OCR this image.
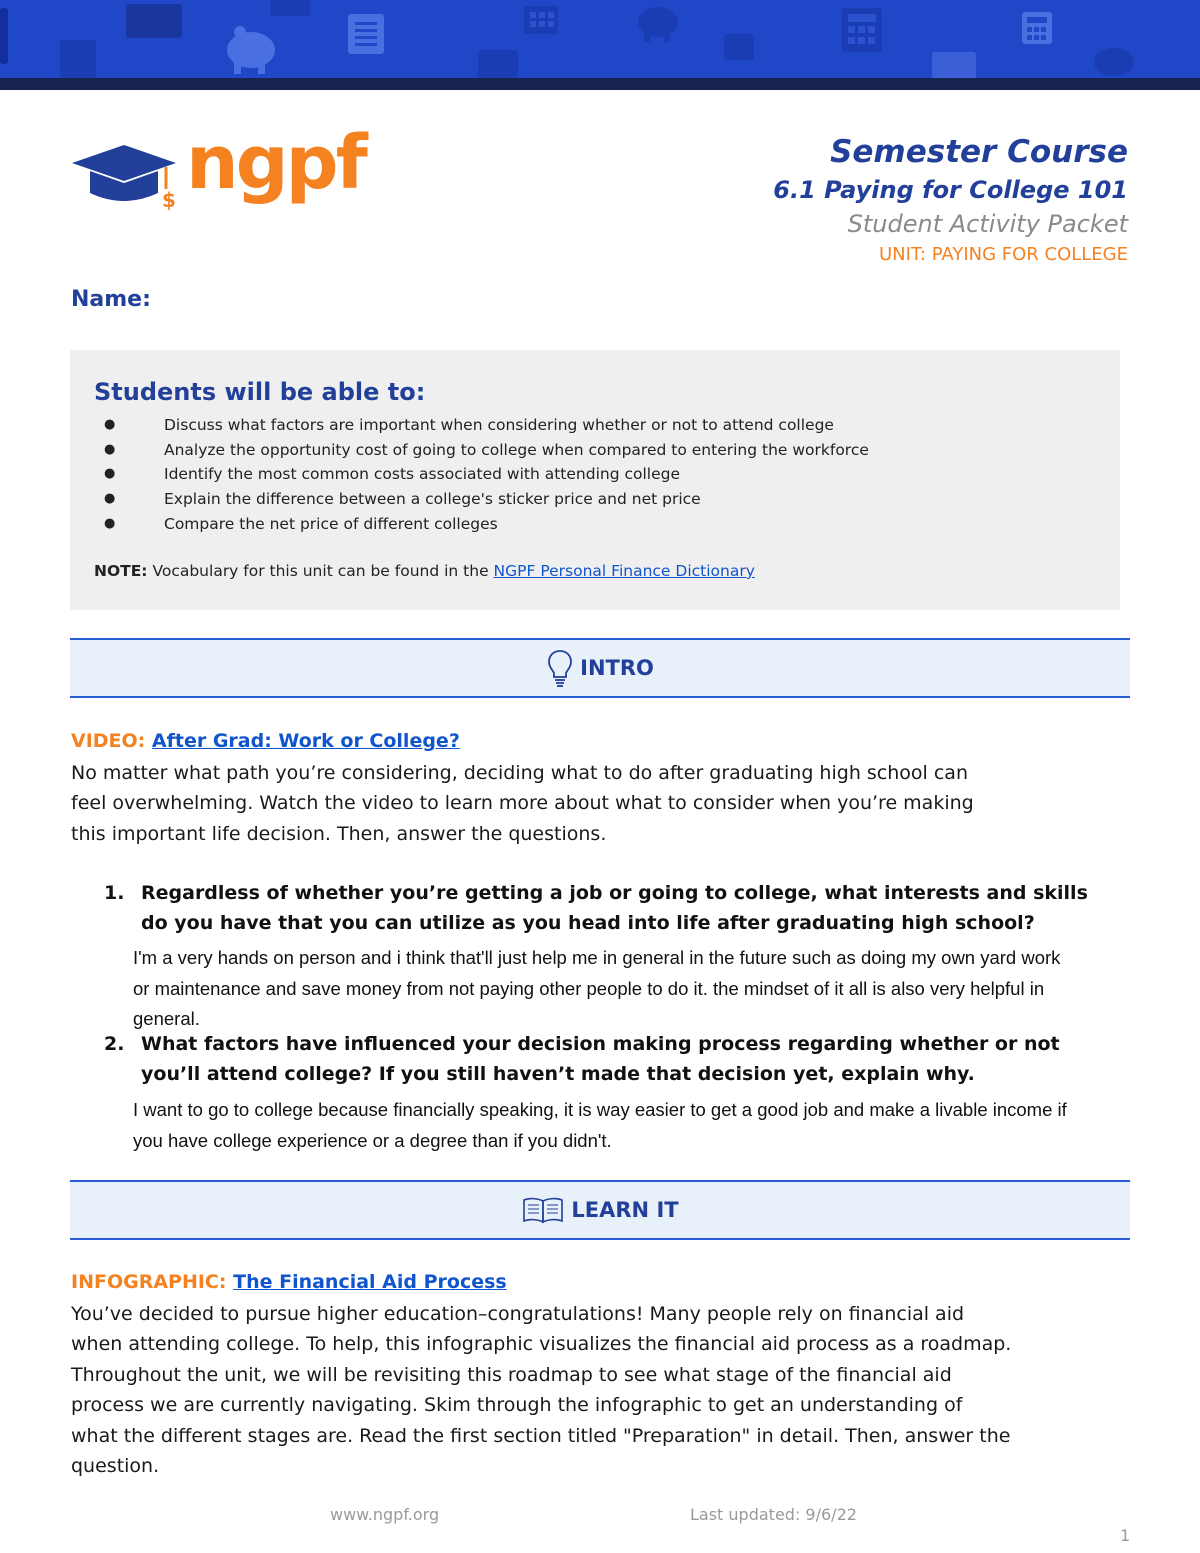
$ ngpf	Semester Course
6.1 Paying for College 101
Student Activity Packet
UNIT: PAYING FOR COLLEGE
Name:
Students will be able to:
●	Discuss what factors are important when considering whether or not to attend college
●	Analyze the opportunity cost of going to college when compared to entering the workforce
●	Identify the most common costs associated with attending college
●	Explain the difference between a college's sticker price and net price
●	Compare the net price of different colleges
NOTE: Vocabulary for this unit can be found in the NGPF Personal Finance Dictionary
INTRO
VIDEO: After Grad: Work or College?
No matter what path you’re considering, deciding what to do after graduating high school can
feel overwhelming. Watch the video to learn more about what to consider when you’re making
this important life decision. Then, answer the questions.
1. Regardless of whether you’re getting a job or going to college, what interests and skills
do you have that you can utilize as you head into life after graduating high school?
I'm a very hands on person and i think that'll just help me in general in the future such as doing my own yard work
or maintenance and save money from not paying other people to do it. the mindset of it all is also very helpful in
general.
2. What factors have influenced your decision making process regarding whether or not
you’ll attend college? If you still haven’t made that decision yet, explain why.
I want to go to college because financially speaking, it is way easier to get a good job and make a livable income if
you have college experience or a degree than if you didn't.
LEARN IT
INFOGRAPHIC: The Financial Aid Process
You’ve decided to pursue higher education–congratulations! Many people rely on financial aid
when attending college. To help, this infographic visualizes the financial aid process as a roadmap.
Throughout the unit, we will be revisiting this roadmap to see what stage of the financial aid
process we are currently navigating. Skim through the infographic to get an understanding of
what the different stages are. Read the first section titled "Preparation" in detail. Then, answer the
question.
www.ngpf.org	Last updated: 9/6/22
1
